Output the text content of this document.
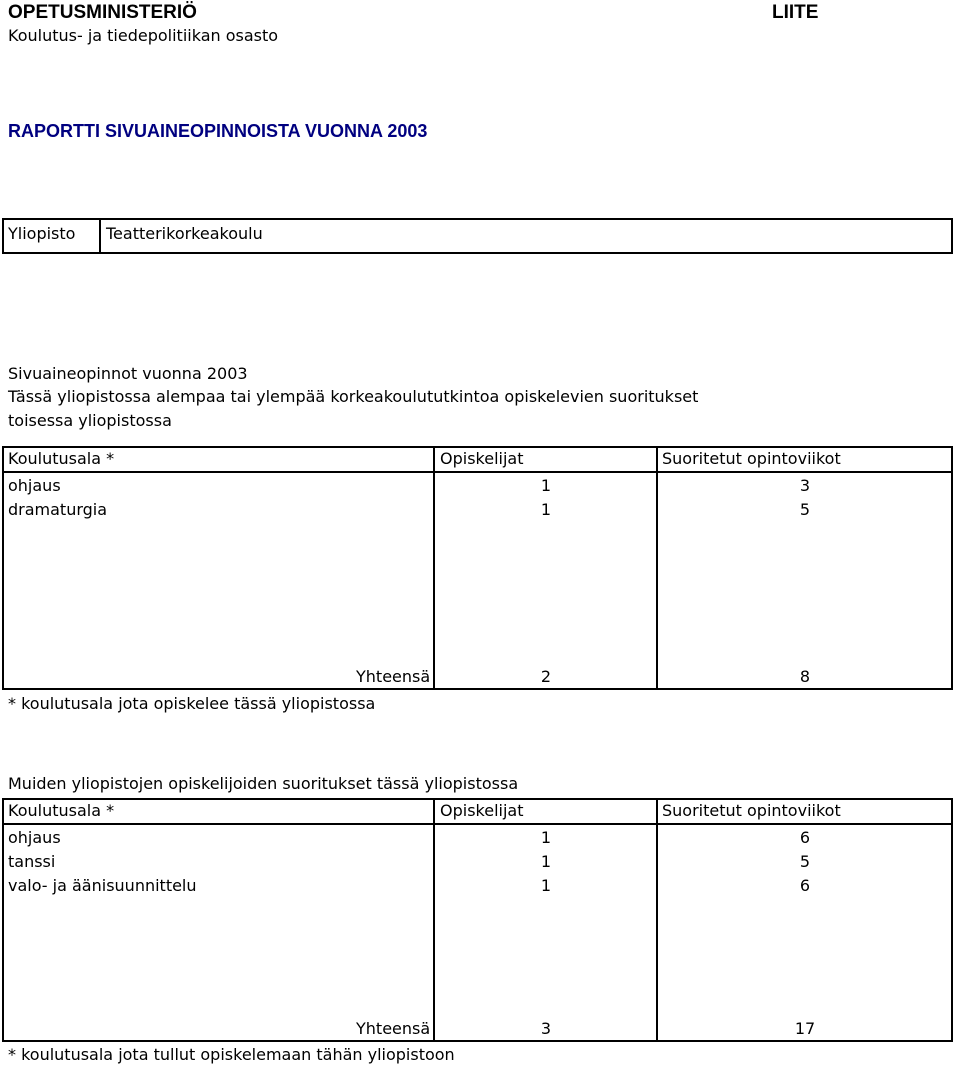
OPETUSMINISTERIÖ
Koulutus- ja tiedepolitiikan osasto
LIITE
RAPORTTI SIVUAINEOPINNOISTA VUONNA 2003
Yliopisto Teatterikorkeakoulu
Sivuaineopinnot vuonna 2003
Tässä yliopistossa alempaa tai ylempää korkeakoulututkintoa opiskelevien suoritukset
toisessa yliopistossa
Koulutusala *	Opiskelijat	Suoritetut opintoviikot
ohjaus	1	3
dramaturgia	1	5
Yhteensä	2	8
* koulutusala jota opiskelee tässä yliopistossa
Muiden yliopistojen opiskelijoiden suoritukset tässä yliopistossa
Koulutusala *	Opiskelijat	Suoritetut opintoviikot
ohjaus	1	6
tanssi	1	5
valo- ja äänisuunnittelu	1	6
Yhteensä	3	17
* koulutusala jota tullut opiskelemaan tähän yliopistoon
